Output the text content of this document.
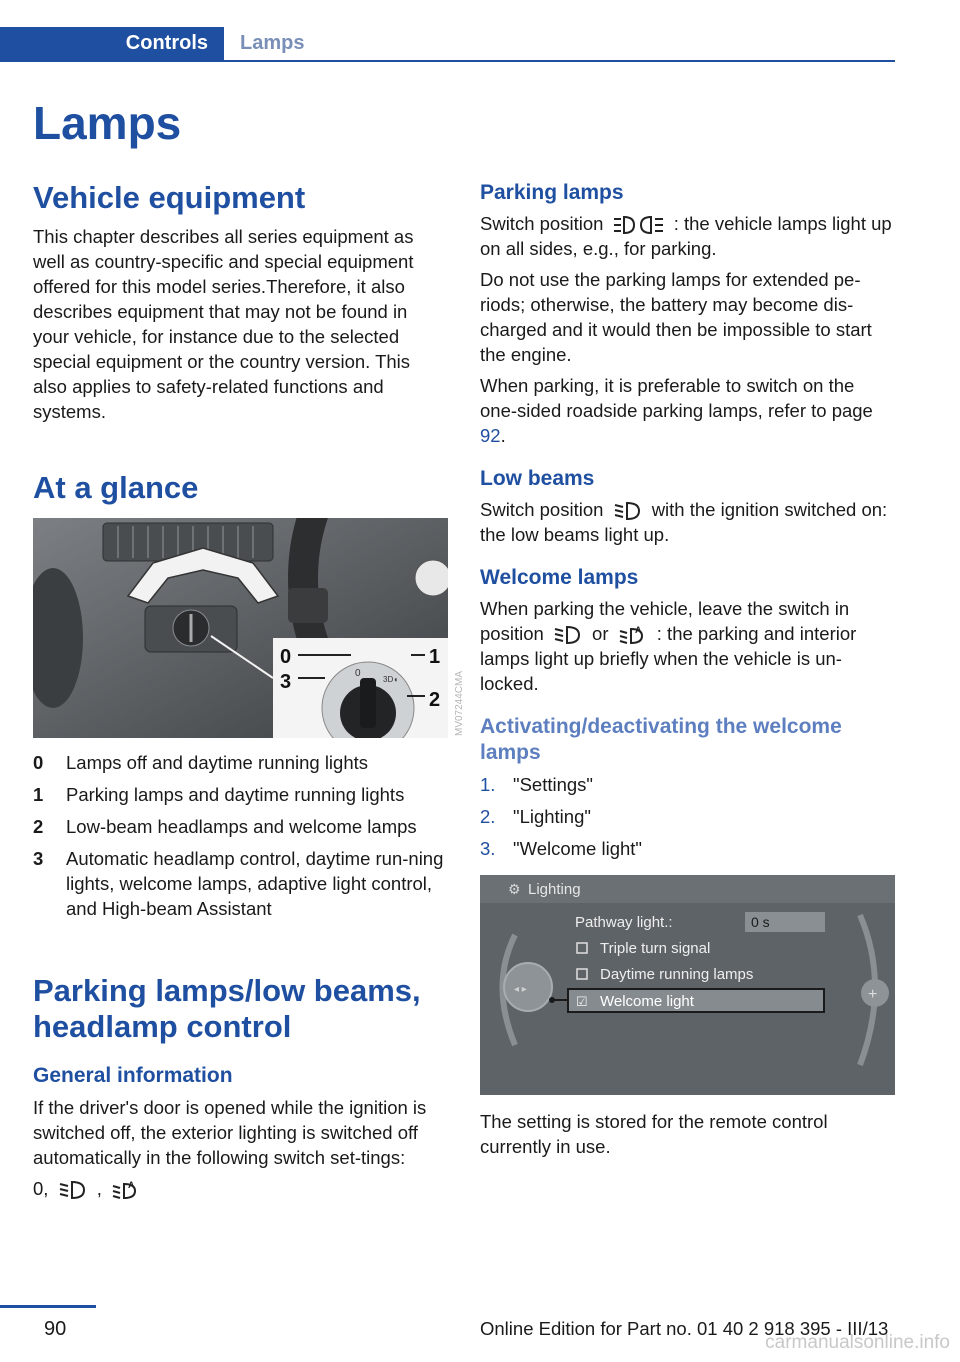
Controls	Lamps
Lamps
Vehicle equipment

This chapter describes all series equipment as well as country-specific and special equipment offered for this model series.Therefore, it also describes equipment that may not be found in your vehicle, for instance due to the selected special equipment or the country version. This also applies to safety-related functions and systems.

At a glance
0
3D◖
0	1
2
3	MV07244CMA
0	Lamps off and daytime running lights
1	Parking lamps and daytime running lights
2	Low-beam headlamps and welcome lamps
3	Automatic headlamp control, daytime run-ning lights, welcome lamps, adaptive light control, and High-beam Assistant
Parking lamps/low beams, headlamp control
General information

If the driver's door is opened while the ignition is switched off, the exterior lighting is switched off automatically in the following switch set-tings:

0,	,	A

Parking lamps

Switch position	: the vehicle lamps light up on all sides, e.g., for parking.

Do not use the parking lamps for extended pe-riods; otherwise, the battery may become dis-charged and it would then be impossible to start the engine.

When parking, it is preferable to switch on the one-sided roadside parking lamps, refer to page 92.

Low beams

Switch position	with the ignition switched on: the low beams light up.

Welcome lamps

When parking the vehicle, leave the switch in position	or	A : the parking and interior lamps light up briefly when the vehicle is un-locked.

Activating/deactivating the welcome lamps
1. "Settings"
2. "Lighting"
3. "Welcome light"
⚙ Lighting
◂ ▸	+
Pathway light.:	0 s
Triple turn signal
Daytime running lamps
☑ Welcome light

The setting is stored for the remote control currently in use.

90	Online Edition for Part no. 01 40 2 918 395 - III/13
carmanualsonline.info
